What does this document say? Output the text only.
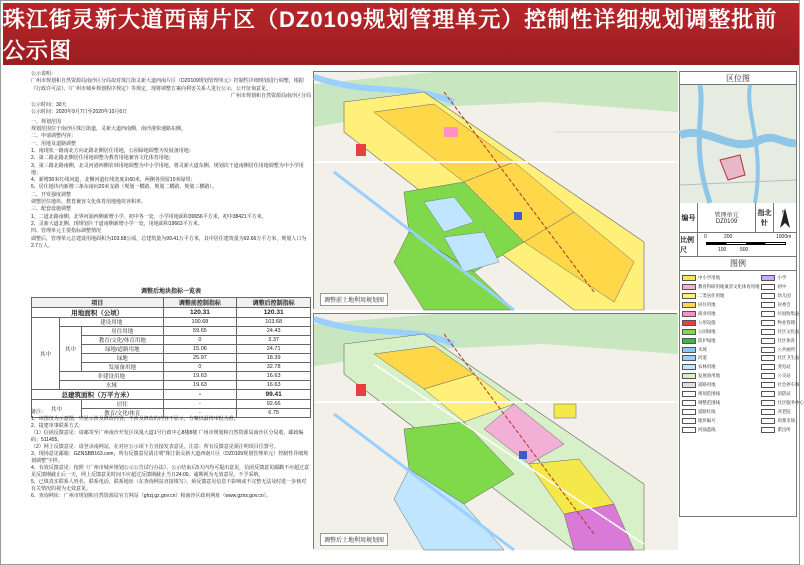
珠江街灵新大道西南片区（DZ0109规划管理单元）控制性详细规划调整批前公示图

公示说明：

广州市规划和自然资源局南沙区分局拟对珠江街灵新大道西南片区（DZ0109规划管理单元）控制性详细规划进行调整，根据《行政许可法》、《广州市城乡规划程序规定》等规定，现将调整方案向利害关系人进行公示，公开征询意见。

广州市规划和自然资源局南沙区分局

公示时间：30天

公示时间：2020年9月7日至2020年10月6日

一、规划范围

规划范围位于南沙区珠江街道，灵新大道西南侧，南沙港快速路东侧。

二、申请调整内容：

一、用地及道路调整

1、南现状一路南北方向北路北侧居住用地，公园绿地调整为发展备用地；

2、第二路北路北侧居住用地调整为教育用地兼容文化体育用地；

3、第三路北路南侧，北灵河港西侧农林用地调整为中小学用地，将灵新大道东侧、规划次干道南侧居住用地调整为中小学用地；

4、新增30米红线河道，北侧河道红线宽度由60米，两侧各预留10米绿带；

5、居住地块内新增三条东南向20米支路（规划一横路、规划二横路、规划三横路）。

二、开发强度调整

调整居住地块、教育兼容文化体育用地地块容积率。

三、配套设施调整

1、二道北路南侧，北界河涌西侧新增小学、初中各一处，小学用地面积30656平方米，初中38421平方米。

2、灵新大道北侧，现规划片干道南侧新增小学一处，用地面积19663平方米。

四、管理单元主要指标调整情况

调整后，管理单元总建设用地面积为103.68公顷，总建筑量为99.41万平方米，其中居住建筑量为92.66万平方米，规划人口为2.7万人。

调整后地块指标一览表
项目			调整前控制指标	调整后控制指标
用地面积（公顷）			120.31	120.31
其中	建设用地		100.68	103.68
	其中	居住用地	59.65	24.43
		教育/文化/体育用地	0	3.37
		绿地/道路用地	15.06	24.71
		绿地	25.97	18.39
		发展备用地	0	32.78
	非建设用地		19.63	16.63
	水域		19.63	16.63
总建筑面积（万平方米）			-	99.41
其中		居住	-	92.66
		教育/文化/体育	-	6.75

备注：

1、该图仅为示意图，只显示涉及修改内容，不涉及修改的内容不显示，方案以最终审批为准。

2、提建单事联系方式：

（1）信函反馈意见：请邮寄至广州南沙开发区凤凰大道1号行政中心8楼8楼 广州市规划和自然资源局南沙区分局收，邮政编码：511455。

（2）网上反馈意见：请登录南网站，在对应公示项下方直接发表意见。注意：所有反馈意见须注明项目位置号。

3、现场意见邮箱：GZNSBB163.com，所有反馈意见请注明"珠江街灵新大道西南片区（DZ0109规划管理单元）控制性详细规划调整"字样。

4、有效反馈意见：按照《广州市城乡规划公示公告试行办法》，公示结束后5天内均可提出意见，信函反馈意见邮戳不应超过意见反馈期截止后一天，网上反馈意见时间不应超过反馈期截止当日24:00。逾期视为无效意见，不予采纳。

5、已填真实联系人姓名、联系电话、联系地址（在查询网站直接填写），须反馈意见信息不影响或不完整无法及时进一步核对有关情况的视为无效意见。

6、查询网址：广州市规划和自然资源局官方网站（ghzj.gz.gov.cn）和南沙区政府网址（www.gzns.gov.cn）。

调整前土地利用规划图
调整后土地利用规划图
区位图
编号	管理单元
DZ0109
指北针
N
比例尺
0	200
100	500
1000m
图例
中小学用地	小学
教育科研用地兼容文化体育用地	初中
二类居住用地	幼儿园
居住用地	居委会
商业用地	垃圾收集站
公用设施	物业管理
公园绿地	社区文化站
防护绿地	社区体育
水域	公共厕所
河道	社区卫生站
农林用地	变电站
发展备用地	公交站
道路用地	社会停车场
规划范围线	消防站
调整范围线	社区服务中心
道路红线	养老院
地块编号	肉菜市场
河涌蓝线	派出所
